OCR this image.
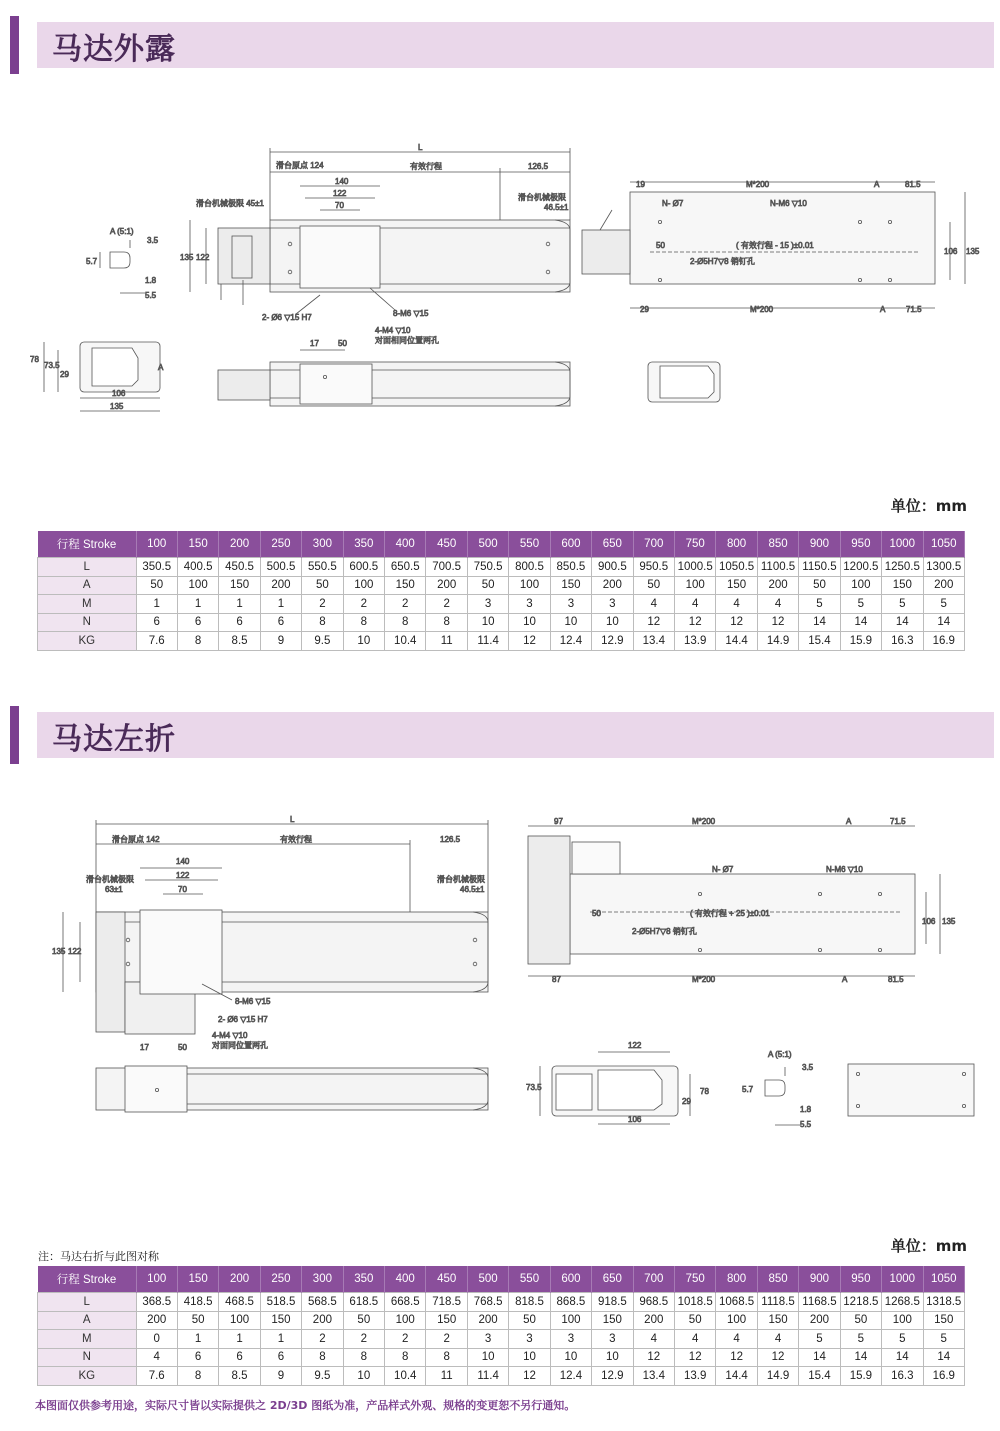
马达外露
L
滑台原点 124	有效行程	126.5
140
122
70
滑台机械极限 45±1
滑台机械极限
46.5±1
135 122
2- Ø6 ▽15 H7	8-M6 ▽15
A (5:1)
3.5
5.7
1.8
5.5
78
73.5
29
106
135
A
17 50
4-M4 ▽10
对面相同位置两孔
19	M*200	A	81.5
N- Ø7	N-M6 ▽10
50	( 有效行程 - 15 )±0.01
2-Ø5H7▽8 销钉孔
106 135
29	M*200	A	71.5
单位：mm
行程 Stroke	100	150	200	250	300	350	400	450	500	550	600	650	700	750	800	850	900	950	1000	1050
L	350.5	400.5	450.5	500.5	550.5	600.5	650.5	700.5	750.5	800.5	850.5	900.5	950.5	1000.5	1050.5	1100.5	1150.5	1200.5	1250.5	1300.5
A	50	100	150	200	50	100	150	200	50	100	150	200	50	100	150	200	50	100	150	200
M	1	1	1	1	2	2	2	2	3	3	3	3	4	4	4	4	5	5	5	5
N	6	6	6	6	8	8	8	8	10	10	10	10	12	12	12	12	14	14	14	14
KG	7.6	8	8.5	9	9.5	10	10.4	11	11.4	12	12.4	12.9	13.4	13.9	14.4	14.9	15.4	15.9	16.3	16.9
马达左折
L
滑台原点 142	有效行程	126.5
140
122
70
滑台机械极限
63±1
滑台机械极限
46.5±1
135 122
8-M6 ▽15
2- Ø6 ▽15 H7
4-M4 ▽10
对面同位置两孔
17	50
97	M*200	A	71.5
N- Ø7	N-M6 ▽10
50	( 有效行程 + 25 )±0.01
2-Ø5H7▽8 销钉孔
106 135
87	M*200	A	81.5
122
73.5
29
78
106
A (5:1)
3.5
5.7
1.8
5.5
注：马达右折与此图对称
单位：mm
行程 Stroke	100	150	200	250	300	350	400	450	500	550	600	650	700	750	800	850	900	950	1000	1050
L	368.5	418.5	468.5	518.5	568.5	618.5	668.5	718.5	768.5	818.5	868.5	918.5	968.5	1018.5	1068.5	1118.5	1168.5	1218.5	1268.5	1318.5
A	200	50	100	150	200	50	100	150	200	50	100	150	200	50	100	150	200	50	100	150
M	0	1	1	1	2	2	2	2	3	3	3	3	4	4	4	4	5	5	5	5
N	4	6	6	6	8	8	8	8	10	10	10	10	12	12	12	12	14	14	14	14
KG	7.6	8	8.5	9	9.5	10	10.4	11	11.4	12	12.4	12.9	13.4	13.9	14.4	14.9	15.4	15.9	16.3	16.9
本图面仅供参考用途，实际尺寸皆以实际提供之 2D/3D 图纸为准，产品样式外观、规格的变更恕不另行通知。
